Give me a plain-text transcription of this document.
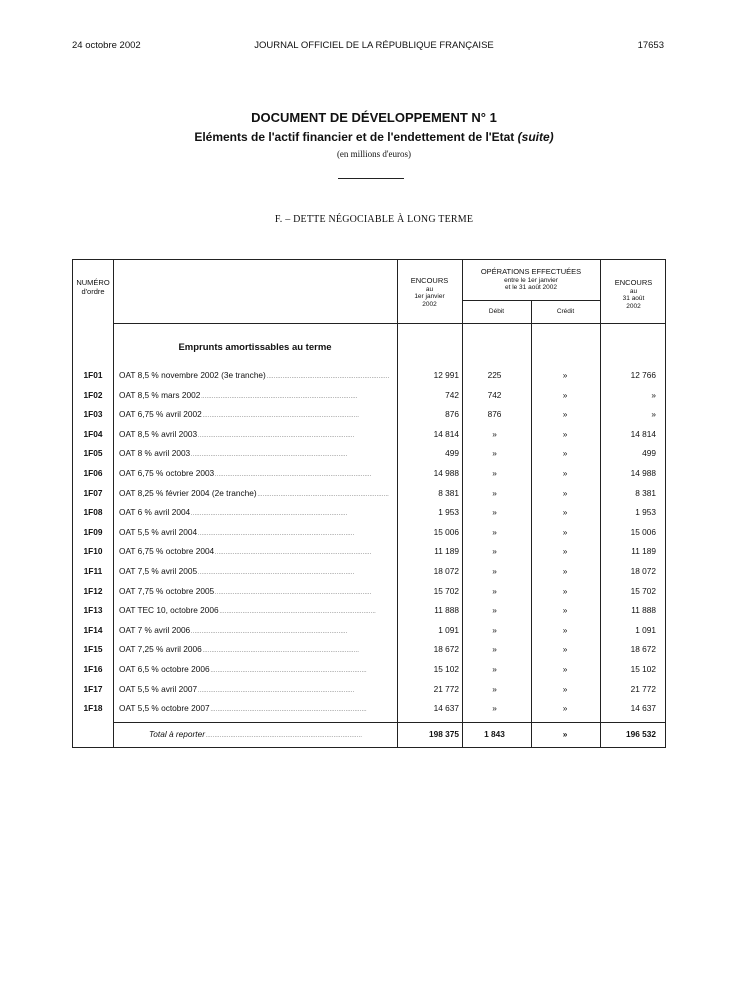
24 octobre 2002	JOURNAL OFFICIEL DE LA RÉPUBLIQUE FRANÇAISE	17653
DOCUMENT DE DÉVELOPPEMENT N° 1
Eléments de l'actif financier et de l'endettement de l'Etat (suite)
(en millions d'euros)
F. – DETTE NÉGOCIABLE À LONG TERME
NUMÉRO
d'ordre
ENCOURS
au
1er janvier
2002
OPÉRATIONS EFFECTUÉES
entre le 1er janvier
et le 31 août 2002
Débit	Crédit
ENCOURS
au
31 août
2002
Emprunts amortissables au terme
1F01	OAT 8,5 % novembre 2002 (3e tranche) . . .	12 991	225	»	12 766
1F02	OAT 8,5 % mars 2002 . . .	742	742	»	»
1F03	OAT 6,75 % avril 2002 . . .	876	876	»	»
1F04	OAT 8,5 % avril 2003 . . .	14 814	»	»	14 814
1F05	OAT 8 % avril 2003 . . .	499	»	»	499
1F06	OAT 6,75 % octobre 2003 . . .	14 988	»	»	14 988
1F07	OAT 8,25 % février 2004 (2e tranche) . . .	8 381	»	»	8 381
1F08	OAT 6 % avril 2004 . . .	1 953	»	»	1 953
1F09	OAT 5,5 % avril 2004 . . .	15 006	»	»	15 006
1F10	OAT 6,75 % octobre 2004 . . .	11 189	»	»	11 189
1F11	OAT 7,5 % avril 2005 . . .	18 072	»	»	18 072
1F12	OAT 7,75 % octobre 2005 . . .	15 702	»	»	15 702
1F13	OAT TEC 10, octobre 2006 . . .	11 888	»	»	11 888
1F14	OAT 7 % avril 2006 . . .	1 091	»	»	1 091
1F15	OAT 7,25 % avril 2006 . . .	18 672	»	»	18 672
1F16	OAT 6,5 % octobre 2006 . . .	15 102	»	»	15 102
1F17	OAT 5,5 % avril 2007 . . .	21 772	»	»	21 772
1F18	OAT 5,5 % octobre 2007 . . .	14 637	»	»	14 637
Total à reporter . . .	198 375	1 843	»	196 532
